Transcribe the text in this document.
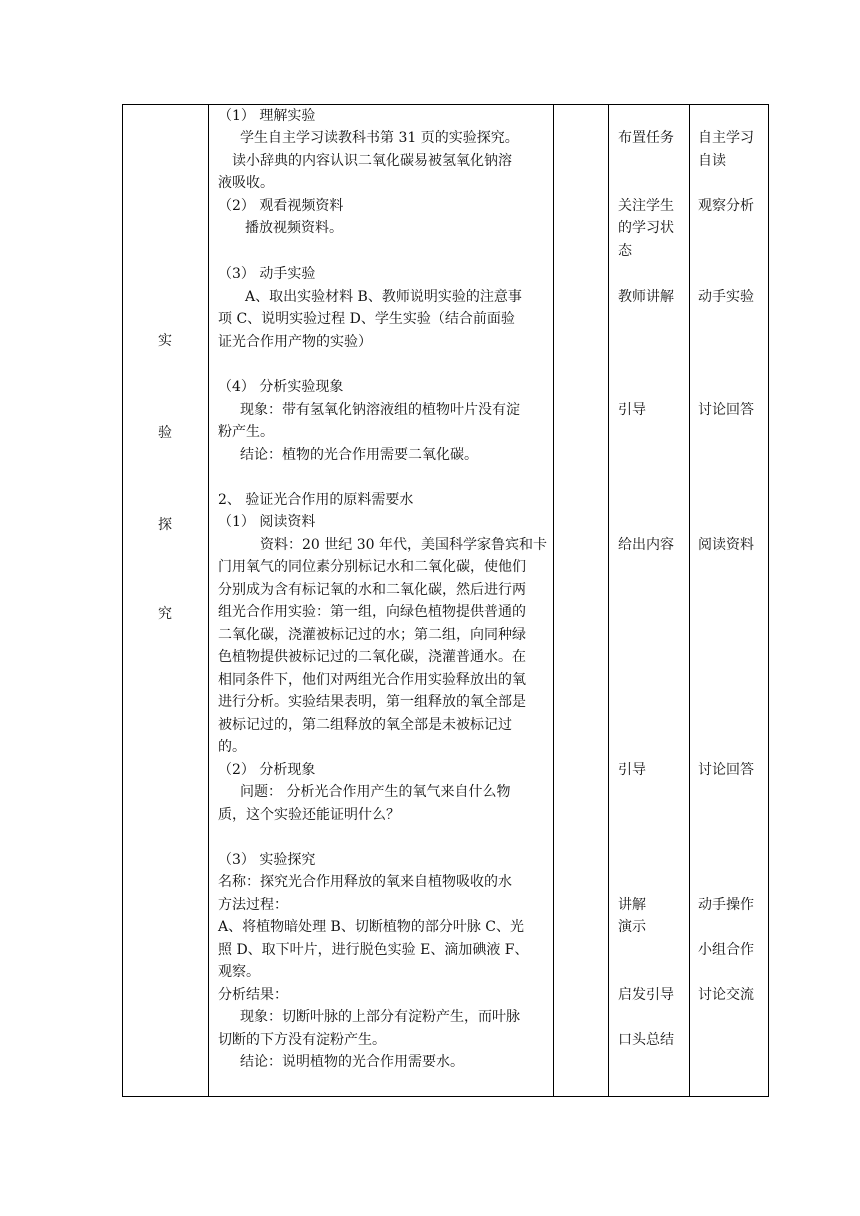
实
验
探
究
（1） 理解实验
学生自主学习读教科书第 31 页的实验探究。
读小辞典的内容认识二氧化碳易被氢氧化钠溶
液吸收。
（2） 观看视频资料
播放视频资料。
（3） 动手实验
A、取出实验材料 B、教师说明实验的注意事
项 C、说明实验过程 D、学生实验（结合前面验
证光合作用产物的实验）
（4） 分析实验现象
现象：带有氢氧化钠溶液组的植物叶片没有淀
粉产生。
结论：植物的光合作用需要二氧化碳。
2、 验证光合作用的原料需要水
（1） 阅读资料
资料：20 世纪 30 年代，美国科学家鲁宾和卡
门用氧气的同位素分别标记水和二氧化碳，使他们
分别成为含有标记氧的水和二氧化碳，然后进行两
组光合作用实验：第一组，向绿色植物提供普通的
二氧化碳，浇灌被标记过的水；第二组，向同种绿
色植物提供被标记过的二氧化碳，浇灌普通水。在
相同条件下，他们对两组光合作用实验释放出的氧
进行分析。实验结果表明，第一组释放的氧全部是
被标记过的，第二组释放的氧全部是未被标记过
的。
（2） 分析现象
问题： 分析光合作用产生的氧气来自什么物
质，这个实验还能证明什么？
（3） 实验探究
名称：探究光合作用释放的氧来自植物吸收的水
方法过程：
A、将植物暗处理 B、切断植物的部分叶脉 C、光
照 D、取下叶片，进行脱色实验 E、滴加碘液 F、
观察。
分析结果：
现象：切断叶脉的上部分有淀粉产生，而叶脉
切断的下方没有淀粉产生。
结论：说明植物的光合作用需要水。
布置任务
关注学生
的学习状
态
教师讲解
引导
给出内容
引导
讲解
演示
启发引导
口头总结
自主学习
自读
观察分析
动手实验
讨论回答
阅读资料
讨论回答
动手操作
小组合作
讨论交流
